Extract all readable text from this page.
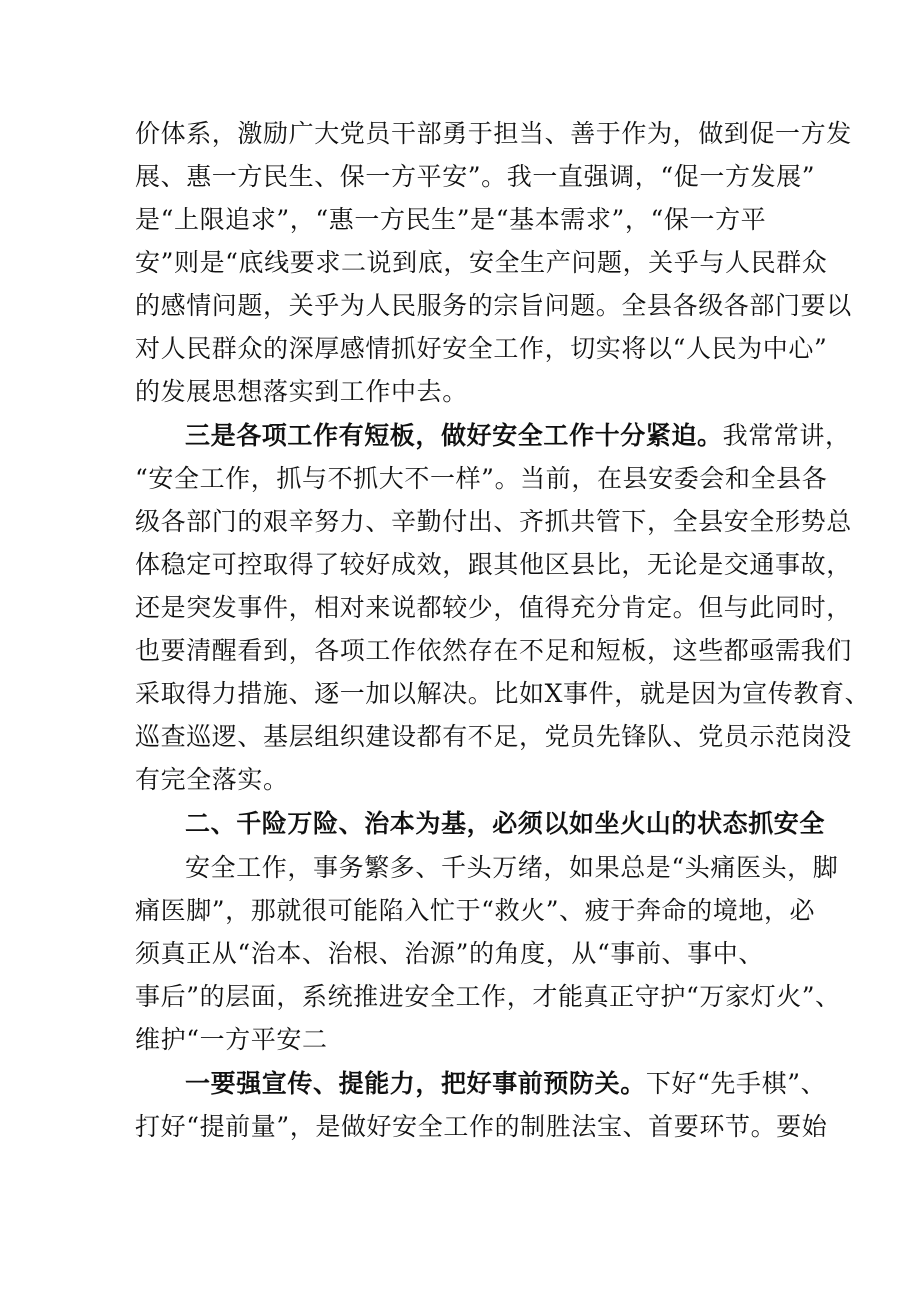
价体系，激励广大党员干部勇于担当、善于作为，做到促一方发
展、惠一方民生、保一方平安”。我一直强调，“促一方发展”
是“上限追求”，“惠一方民生”是“基本需求”，“保一方平
安”则是“底线要求二说到底，安全生产问题，关乎与人民群众
的感情问题，关乎为人民服务的宗旨问题。全县各级各部门要以
对人民群众的深厚感情抓好安全工作，切实将以“人民为中心”
的发展思想落实到工作中去。
三是各项工作有短板，做好安全工作十分紧迫。我常常讲，
“安全工作，抓与不抓大不一样”。当前，在县安委会和全县各
级各部门的艰辛努力、辛勤付出、齐抓共管下，全县安全形势总
体稳定可控取得了较好成效，跟其他区县比，无论是交通事故，
还是突发事件，相对来说都较少，值得充分肯定。但与此同时，
也要清醒看到，各项工作依然存在不足和短板，这些都亟需我们
采取得力措施、逐一加以解决。比如X事件，就是因为宣传教育、
巡查巡逻、基层组织建设都有不足，党员先锋队、党员示范岗没
有完全落实。
二、千险万险、治本为基，必须以如坐火山的状态抓安全
安全工作，事务繁多、千头万绪，如果总是“头痛医头，脚
痛医脚”，那就很可能陷入忙于“救火”、疲于奔命的境地，必
须真正从“治本、治根、治源”的角度，从“事前、事中、
事后”的层面，系统推进安全工作，才能真正守护“万家灯火”、
维护“一方平安二
一要强宣传、提能力，把好事前预防关。下好“先手棋”、
打好“提前量”，是做好安全工作的制胜法宝、首要环节。要始
